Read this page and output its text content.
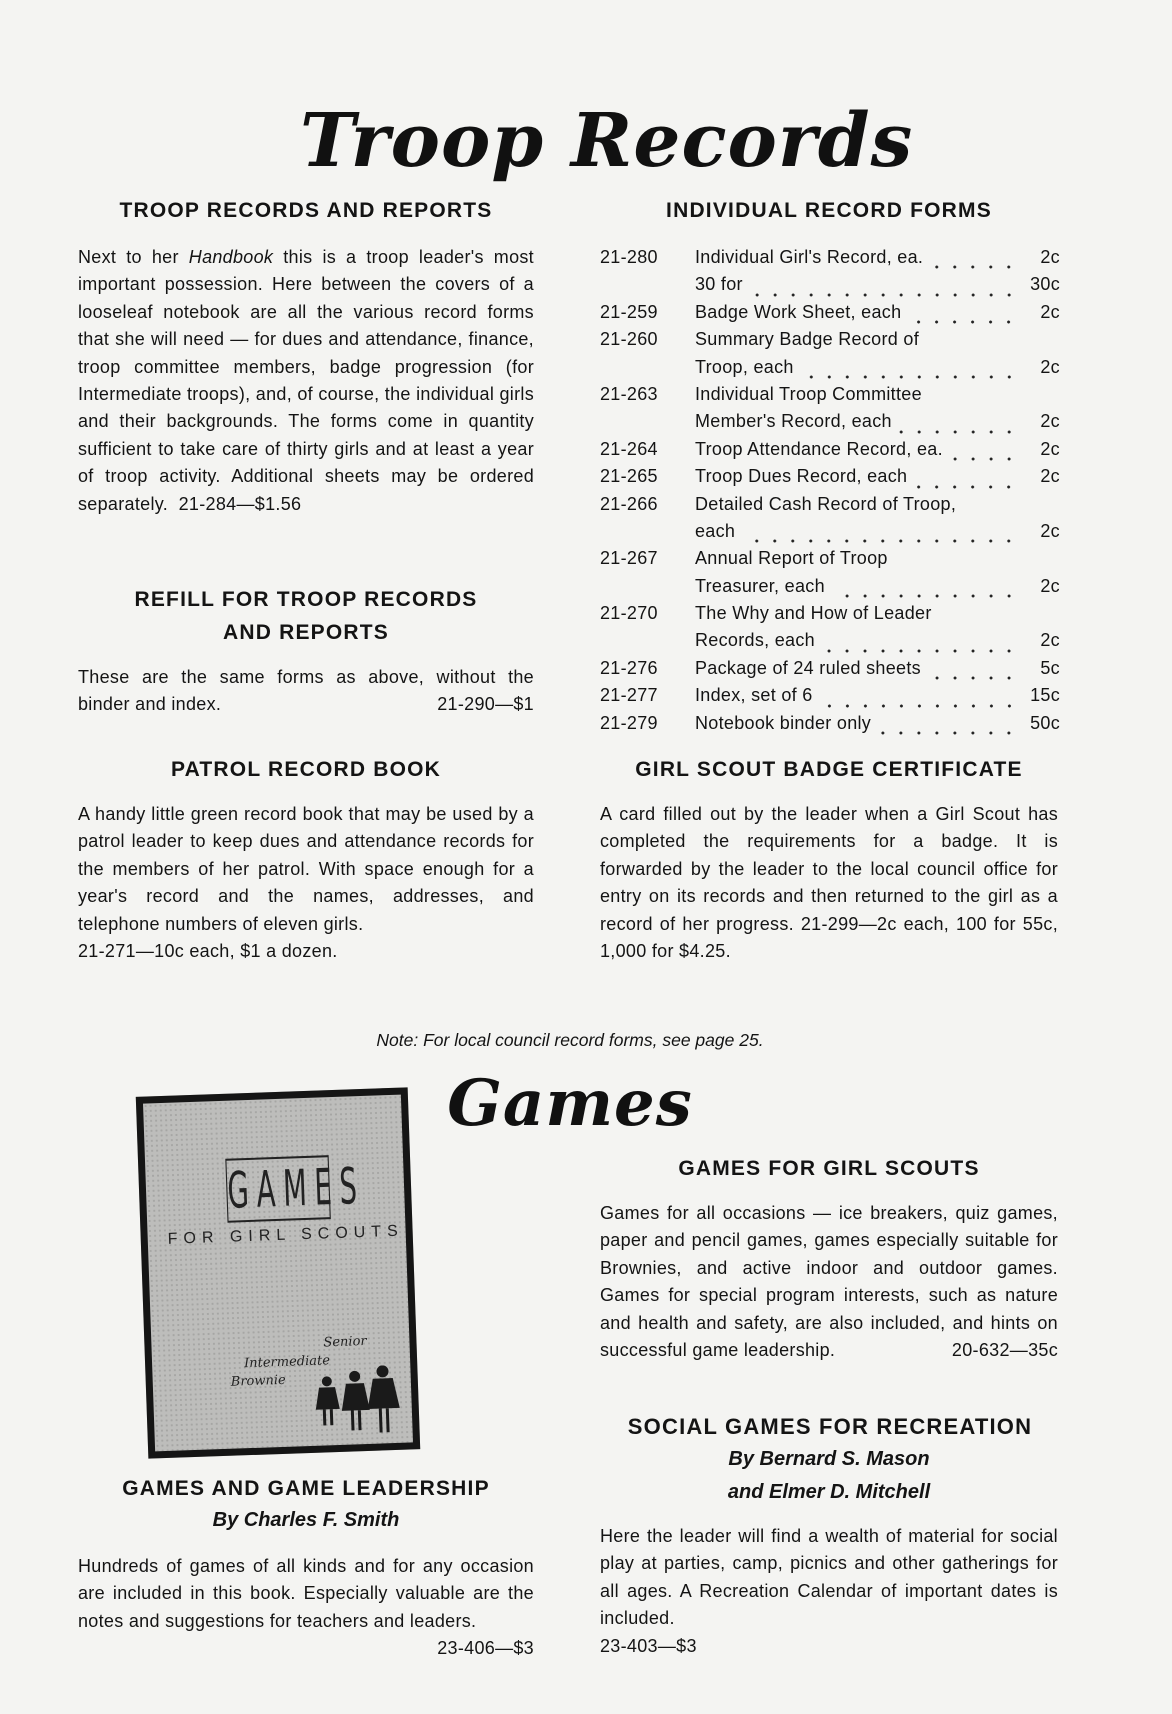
Troop Records
TROOP RECORDS AND REPORTS
Next to her Handbook this is a troop leader's most important possession. Here between the covers of a looseleaf notebook are all the various record forms that she will need — for dues and attendance, finance, troop committee members, badge progression (for Intermediate troops), and, of course, the individual girls and their backgrounds. The forms come in quantity sufficient to take care of thirty girls and at least a year of troop activity. Additional sheets may be ordered separately. 21-284—$1.56
REFILL FOR TROOP RECORDS
AND REPORTS
These are the same forms as above, without the binder and index.	21-290—$1
PATROL RECORD BOOK
A handy little green record book that may be used by a patrol leader to keep dues and attendance records for the members of her patrol. With space enough for a year's record and the names, addresses, and telephone numbers of eleven girls.
21-271—10c each, $1 a dozen.
INDIVIDUAL RECORD FORMS
21-280	Individual Girl's Record, ea.	2c
30 for	30c
21-259	Badge Work Sheet, each	2c
21-260	Summary Badge Record of
Troop, each	2c
21-263	Individual Troop Committee
Member's Record, each	2c
21-264	Troop Attendance Record, ea.	2c
21-265	Troop Dues Record, each	2c
21-266	Detailed Cash Record of Troop,
each	2c
21-267	Annual Report of Troop
Treasurer, each	2c
21-270	The Why and How of Leader
Records, each	2c
21-276	Package of 24 ruled sheets	5c
21-277	Index, set of 6	15c
21-279	Notebook binder only	50c
GIRL SCOUT BADGE CERTIFICATE
A card filled out by the leader when a Girl Scout has completed the requirements for a badge. It is forwarded by the leader to the local council office for entry on its records and then returned to the girl as a record of her progress. 21-299—2c each, 100 for 55c, 1,000 for $4.25.
Note: For local council record forms, see page 25.
GAMES
FOR GIRL SCOUTS
Senior
Intermediate
Brownie
Games
GAMES AND GAME LEADERSHIP
By Charles F. Smith
Hundreds of games of all kinds and for any occasion are included in this book. Especially valuable are the notes and suggestions for teachers and leaders.
23-406—$3
GAMES FOR GIRL SCOUTS
Games for all occasions — ice breakers, quiz games, paper and pencil games, games especially suitable for Brownies, and active indoor and outdoor games. Games for special program interests, such as nature and health and safety, are also included, and hints on successful game leadership.	20-632—35c
SOCIAL GAMES FOR RECREATION
By Bernard S. Mason
and Elmer D. Mitchell
Here the leader will find a wealth of material for social play at parties, camp, picnics and other gatherings for all ages. A Recreation Calendar of important dates is included.
23-403—$3
